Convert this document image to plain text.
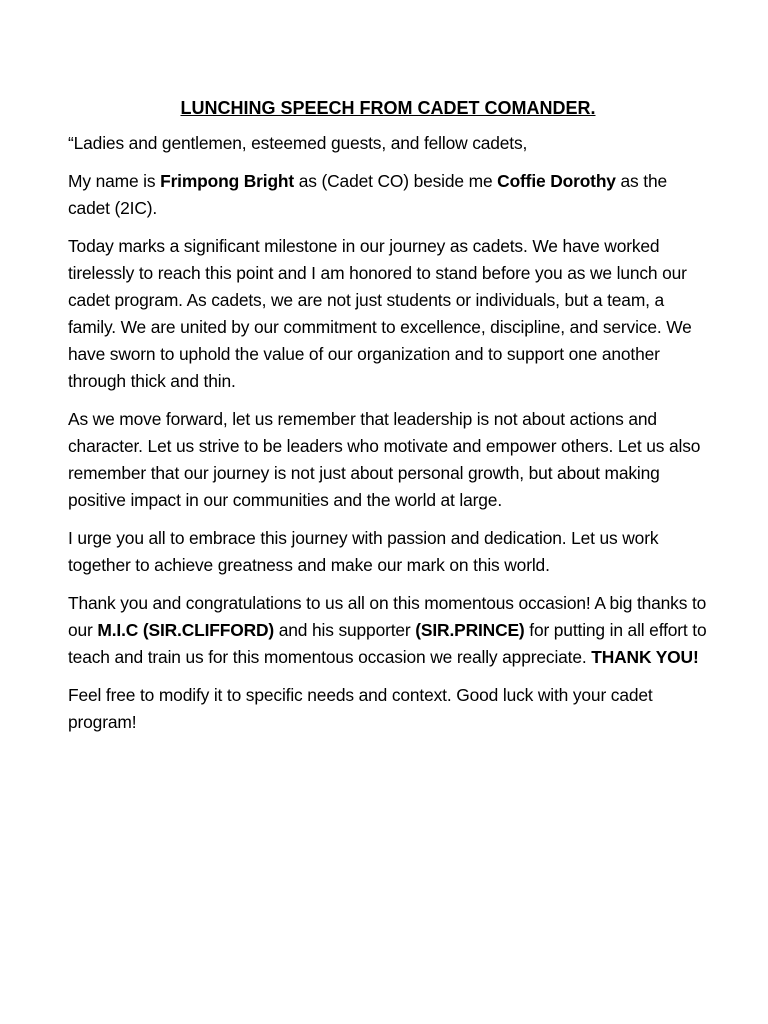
LUNCHING SPEECH FROM CADET COMANDER.

“Ladies and gentlemen, esteemed guests, and fellow cadets,

My name is Frimpong Bright as (Cadet CO) beside me Coffie Dorothy as the cadet (2IC).

Today marks a significant milestone in our journey as cadets. We have worked tirelessly to reach this point and I am honored to stand before you as we lunch our cadet program. As cadets, we are not just students or individuals, but a team, a family. We are united by our commitment to excellence, discipline, and service. We have sworn to uphold the value of our organization and to support one another through thick and thin.

As we move forward, let us remember that leadership is not about actions and character. Let us strive to be leaders who motivate and empower others. Let us also remember that our journey is not just about personal growth, but about making positive impact in our communities and the world at large.

I urge you all to embrace this journey with passion and dedication. Let us work together to achieve greatness and make our mark on this world.

Thank you and congratulations to us all on this momentous occasion! A big thanks to our M.I.C (SIR.CLIFFORD) and his supporter (SIR.PRINCE) for putting in all effort to teach and train us for this momentous occasion we really appreciate. THANK YOU!

Feel free to modify it to specific needs and context. Good luck with your cadet program!
